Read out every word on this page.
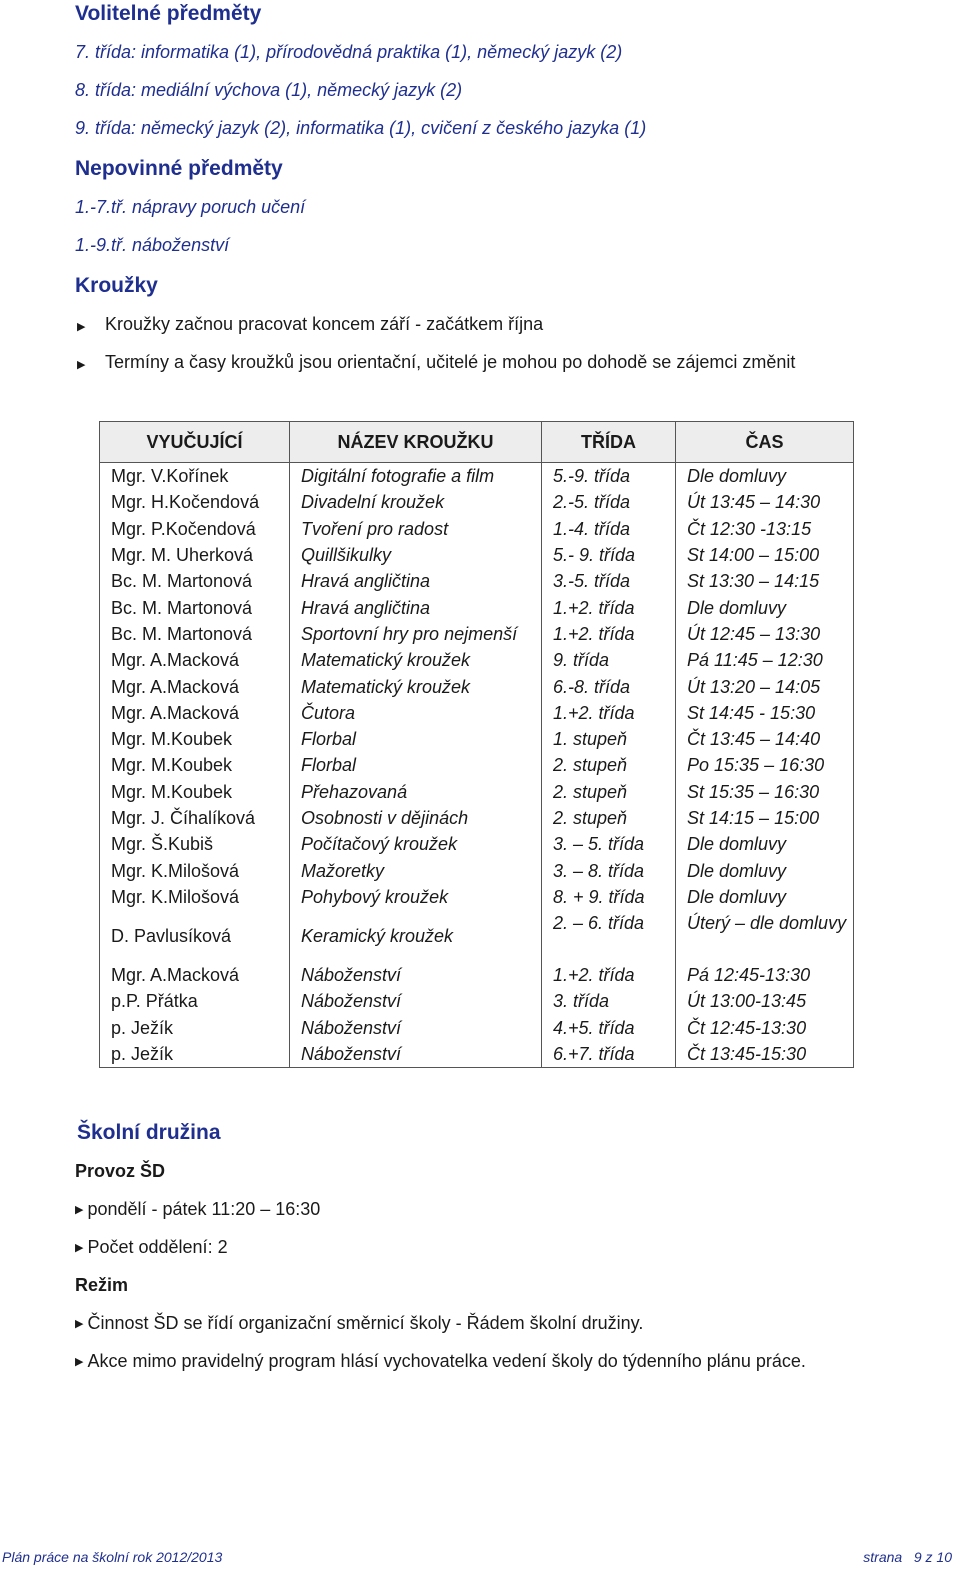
Volitelné předměty
7. třída: informatika (1), přírodovědná praktika (1), německý jazyk (2)
8. třída: mediální výchova (1), německý jazyk (2)
9. třída: německý jazyk (2), informatika (1), cvičení z českého jazyka (1)
Nepovinné předměty
1.-7.tř. nápravy poruch učení
1.-9.tř. náboženství
Kroužky
▶ Kroužky začnou pracovat koncem září - začátkem října
▶ Termíny a časy kroužků jsou orientační, učitelé je mohou po dohodě se zájemci změnit
VYUČUJÍCÍ	NÁZEV KROUŽKU	TŘÍDA	ČAS
Mgr. V.Kořínek	Digitální fotografie a film	5.-9. třída	Dle domluvy
Mgr. H.Kočendová	Divadelní kroužek	2.-5. třída	Út 13:45 – 14:30
Mgr. P.Kočendová	Tvoření pro radost	1.-4. třída	Čt 12:30 -13:15
Mgr. M. Uherková	Quillšikulky	5.- 9. třída	St 14:00 – 15:00
Bc. M. Martonová	Hravá angličtina	3.-5. třída	St 13:30 – 14:15
Bc. M. Martonová	Hravá angličtina	1.+2. třída	Dle domluvy
Bc. M. Martonová	Sportovní hry pro nejmenší	1.+2. třída	Út 12:45 – 13:30
Mgr. A.Macková	Matematický kroužek	9. třída	Pá 11:45 – 12:30
Mgr. A.Macková	Matematický kroužek	6.-8. třída	Út 13:20 – 14:05
Mgr. A.Macková	Čutora	1.+2. třída	St 14:45 - 15:30
Mgr. M.Koubek	Florbal	1. stupeň	Čt 13:45 – 14:40
Mgr. M.Koubek	Florbal	2. stupeň	Po 15:35 – 16:30
Mgr. M.Koubek	Přehazovaná	2. stupeň	St 15:35 – 16:30
Mgr. J. Číhalíková	Osobnosti v dějinách	2. stupeň	St 14:15 – 15:00
Mgr. Š.Kubiš	Počítačový kroužek	3. – 5. třída	Dle domluvy
Mgr. K.Milošová	Mažoretky	3. – 8. třída	Dle domluvy
Mgr. K.Milošová	Pohybový kroužek	8. + 9. třída	Dle domluvy
D. Pavlusíková	Keramický kroužek	2. – 6. třída	Úterý – dle domluvy
Mgr. A.Macková	Náboženství	1.+2. třída	Pá 12:45-13:30
p.P. Přátka	Náboženství	3. třída	Út 13:00-13:45
p. Ježík	Náboženství	4.+5. třída	Čt 12:45-13:30
p. Ježík	Náboženství	6.+7. třída	Čt 13:45-15:30
Školní družina
Provoz ŠD
▶ pondělí - pátek 11:20 – 16:30
▶ Počet oddělení: 2
Režim
▶ Činnost ŠD se řídí organizační směrnicí školy - Řádem školní družiny.
▶ Akce mimo pravidelný program hlásí vychovatelka vedení školy do týdenního plánu práce.
Plán práce na školní rok 2012/2013	strana   9 z 10
